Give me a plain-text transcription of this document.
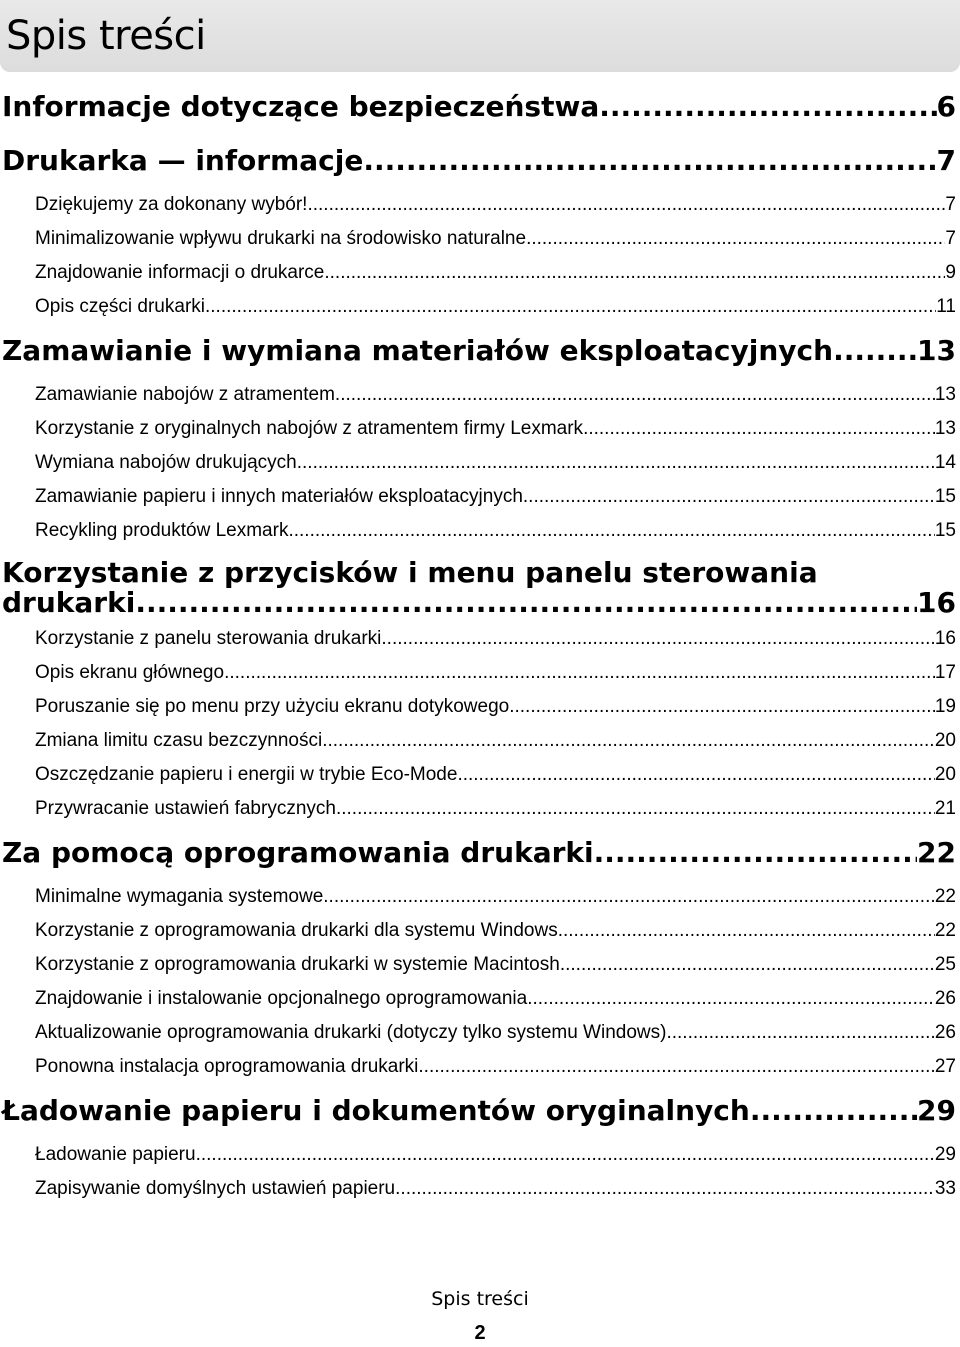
Spis treści
Informacje dotyczące bezpieczeństwa .....	6
Drukarka — informacje .....	7
Dziękujemy za dokonany wybór! .....	7
Minimalizowanie wpływu drukarki na środowisko naturalne .....	7
Znajdowanie informacji o drukarce .....	9
Opis części drukarki .....	11
Zamawianie i wymiana materiałów eksploatacyjnych .....	13
Zamawianie nabojów z atramentem .....	13
Korzystanie z oryginalnych nabojów z atramentem firmy Lexmark .....	13
Wymiana nabojów drukujących .....	14
Zamawianie papieru i innych materiałów eksploatacyjnych .....	15
Recykling produktów Lexmark .....	15
Korzystanie z przycisków i menu panelu sterowania
drukarki .....	16
Korzystanie z panelu sterowania drukarki .....	16
Opis ekranu głównego .....	17
Poruszanie się po menu przy użyciu ekranu dotykowego .....	19
Zmiana limitu czasu bezczynności .....	20
Oszczędzanie papieru i energii w trybie Eco-Mode .....	20
Przywracanie ustawień fabrycznych .....	21
Za pomocą oprogramowania drukarki .....	22
Minimalne wymagania systemowe .....	22
Korzystanie z oprogramowania drukarki dla systemu Windows .....	22
Korzystanie z oprogramowania drukarki w systemie Macintosh .....	25
Znajdowanie i instalowanie opcjonalnego oprogramowania .....	26
Aktualizowanie oprogramowania drukarki (dotyczy tylko systemu Windows) .....	26
Ponowna instalacja oprogramowania drukarki .....	27
Ładowanie papieru i dokumentów oryginalnych .....	29
Ładowanie papieru .....	29
Zapisywanie domyślnych ustawień papieru .....	33
Spis treści
2
